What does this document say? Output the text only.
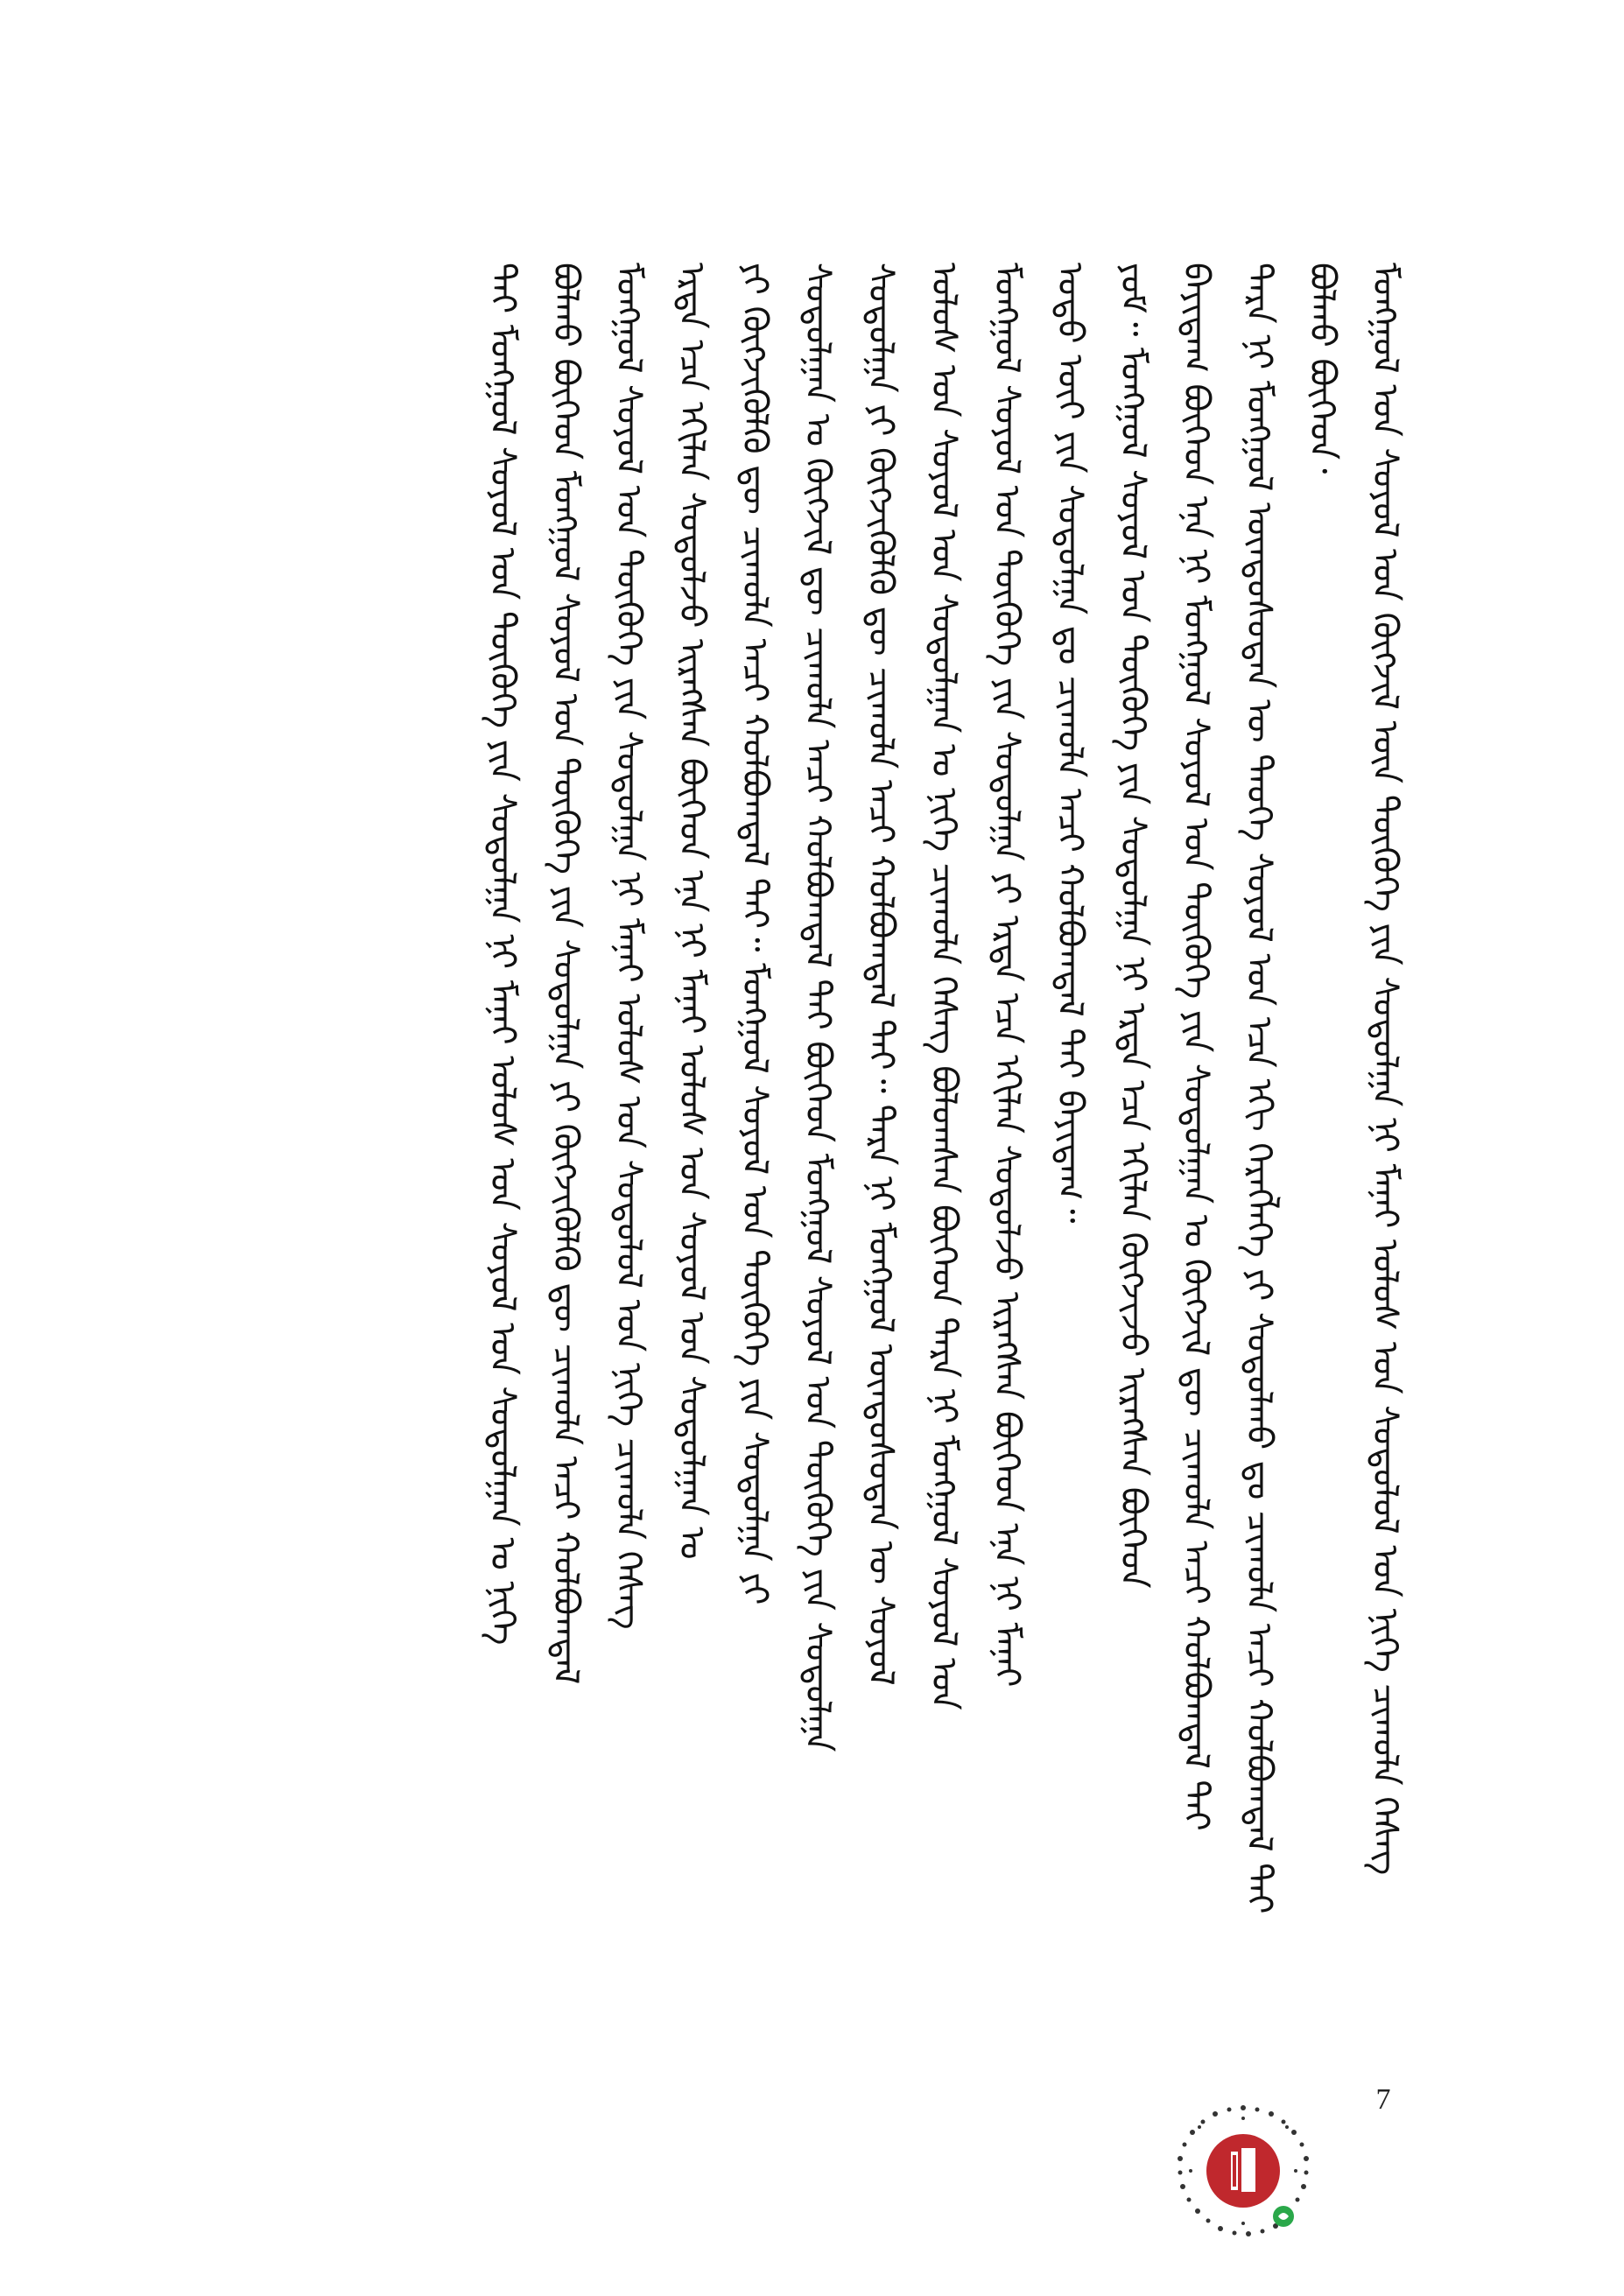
ᠮᠣᠩᠭᠣᠯ ᠤᠨ ᠰᠣᠶᠣᠯ ᠤᠨ ᠬᠥᠭᠵᠢᠯ ᠦᠨ ᠲᠦᠭᠦᠬᠡ ᠶᠢᠨ ᠰᠤᠳᠤᠯᠭᠠ ᠨᠢ ᠮᠠᠨᠠᠢ ᠤᠯᠤᠰ ᠤᠨ ᠰᠤᠳᠤᠯᠤᠯ ᠤᠨ ᠨᠢᠭᠡ ᠴᠢᠬᠤᠯᠠ ᠬᠡᠰᠡᠭ
ᠪᠣᠯᠬᠤ ᠪᠥᠭᠡᠳ᠂
ᠲᠡᠷᠡ ᠨᠢ ᠮᠣᠩᠭᠣᠯ ᠦᠨᠳᠦᠰᠦᠲᠡᠨ ᠦ ᠲᠡᠦᠬᠡ ᠰᠣᠶᠣᠯ ᠤᠨ ᠡᠴᠡ ᠡᠬᠢ ᠬᠡᠷᠡᠭᠯᠡᠭᠡ ᠶᠢ ᠰᠤᠳᠤᠯᠬᠤ ᠳᠤ ᠴᠢᠬᠤᠯᠠ ᠠᠴᠢ ᠬᠣᠯᠪᠣᠭᠳᠠᠯ ᠲᠠᠶ
ᠪᠠᠶᠢᠳᠠᠭ ᠪᠥᠭᠡᠳ ᠡᠨᠡ ᠨᠢ ᠮᠣᠩᠭᠣᠯ ᠰᠣᠶᠣᠯ ᠤᠨ ᠲᠦᠭᠦᠬᠡ ᠶᠢᠨ ᠰᠤᠳᠤᠯᠭᠠᠨ ᠤ ᠬᠥᠭᠵᠢᠯ ᠳᠦ ᠴᠢᠬᠤᠯᠠ ᠠᠴᠢ ᠬᠣᠯᠪᠣᠭᠳᠠᠯ ᠲᠠᠶ
ᠶᠤᠮ᠃ ᠮᠣᠩᠭᠣᠯ ᠰᠣᠶᠣᠯ ᠤᠨ ᠲᠦᠭᠦᠬᠡ ᠶᠢᠨ ᠰᠤᠳᠤᠯᠭᠠ ᠨᠢ ᠡᠷᠲᠡ ᠡᠴᠡ ᠡᠬᠢᠯᠡᠨ ᠬᠥᠭᠵᠢᠵᠦ ᠢᠷᠡᠭᠰᠡᠨ ᠪᠥᠭᠡᠳ
ᠣᠳᠣ ᠦᠶ ᠶᠢᠨ ᠰᠤᠳᠤᠯᠭᠠ ᠳᠤ ᠴᠢᠬᠤᠯᠠ ᠠᠴᠢ ᠬᠣᠯᠪᠣᠭᠳᠠᠯ ᠲᠠᠶ ᠪᠠᠶᠢᠳᠠᠭ᠃
ᠮᠣᠩᠭᠣᠯ ᠰᠣᠶᠣᠯ ᠤᠨ ᠲᠦᠭᠦᠬᠡ ᠶᠢᠨ ᠰᠤᠳᠤᠯᠭᠠ ᠶᠢ ᠡᠷᠲᠡ ᠡᠴᠡ ᠡᠬᠢᠯᠡᠨ ᠰᠤᠳᠤᠯᠵᠤ ᠢᠷᠡᠭᠰᠡᠨ ᠪᠥᠭᠡᠳ ᠡᠨᠡ ᠨᠢ ᠮᠠᠨᠠᠢ
ᠤᠯᠤᠰ ᠤᠨ ᠰᠣᠶᠣᠯ ᠤᠨ ᠰᠤᠳᠤᠯᠭᠠᠨ ᠤ ᠨᠢᠭᠡ ᠴᠢᠬᠤᠯᠠ ᠬᠡᠰᠡᠭ ᠪᠣᠯᠤᠭᠰᠠᠨ ᠪᠥᠭᠡᠳ ᠲᠡᠷᠡ ᠨᠢ ᠮᠣᠩᠭᠣᠯ ᠰᠣᠶᠣᠯ ᠤᠨ
ᠰᠤᠳᠤᠯᠭᠠ ᠶᠢ ᠬᠥᠭᠵᠢᠭᠦᠯᠬᠦ ᠳᠦ ᠴᠢᠬᠤᠯᠠ ᠠᠴᠢ ᠬᠣᠯᠪᠣᠭᠳᠠᠯ ᠲᠠᠶ᠃ ᠲᠡᠷᠡ ᠨᠢ ᠮᠣᠩᠭᠣᠯ ᠦᠨᠳᠦᠰᠦᠲᠡᠨ ᠦ ᠰᠣᠶᠣᠯ
ᠰᠤᠳᠤᠯᠭᠠᠨ ᠤ ᠬᠥᠭᠵᠢᠯ ᠳᠦ ᠴᠢᠬᠤᠯᠠ ᠠᠴᠢ ᠬᠣᠯᠪᠣᠭᠳᠠᠯ ᠲᠠᠶ ᠪᠥᠭᠡᠳ ᠮᠣᠩᠭᠣᠯ ᠰᠣᠶᠣᠯ ᠤᠨ ᠲᠦᠭᠦᠬᠡ ᠶᠢᠨ ᠰᠤᠳᠤᠯᠭᠠ
ᠶᠢ ᠬᠥᠭᠵᠢᠭᠦᠯᠬᠦ ᠳᠦ ᠴᠢᠬᠤᠯᠠ ᠠᠴᠢ ᠬᠣᠯᠪᠣᠭᠳᠠᠯ ᠲᠠᠶ᠃ ᠮᠣᠩᠭᠣᠯ ᠰᠣᠶᠣᠯ ᠤᠨ ᠲᠦᠭᠦᠬᠡ ᠶᠢᠨ ᠰᠤᠳᠤᠯᠭᠠ ᠶᠢ
ᠡᠷᠲᠡ ᠡᠴᠡ ᠡᠬᠢᠯᠡᠨ ᠰᠤᠳᠤᠯᠵᠤ ᠢᠷᠡᠭᠰᠡᠨ ᠪᠥᠭᠡᠳ ᠡᠨᠡ ᠨᠢ ᠮᠠᠨᠠᠢ ᠤᠯᠤᠰ ᠤᠨ ᠰᠣᠶᠣᠯ ᠤᠨ ᠰᠤᠳᠤᠯᠭᠠᠨ ᠤ
ᠮᠣᠩᠭᠣᠯ ᠰᠣᠶᠣᠯ ᠤᠨ ᠲᠦᠭᠦᠬᠡ ᠶᠢᠨ ᠰᠤᠳᠤᠯᠭᠠ ᠨᠢ ᠮᠠᠨᠠᠢ ᠤᠯᠤᠰ ᠤᠨ ᠰᠤᠳᠤᠯᠤᠯ ᠤᠨ ᠨᠢᠭᠡ ᠴᠢᠬᠤᠯᠠ ᠬᠡᠰᠡᠭ
ᠪᠣᠯᠬᠤ ᠪᠥᠭᠡᠳ ᠮᠣᠩᠭᠣᠯ ᠰᠣᠶᠣᠯ ᠤᠨ ᠲᠦᠭᠦᠬᠡ ᠶᠢᠨ ᠰᠤᠳᠤᠯᠭᠠ ᠶᠢ ᠬᠥᠭᠵᠢᠭᠦᠯᠬᠦ ᠳᠦ ᠴᠢᠬᠤᠯᠠ ᠠᠴᠢ ᠬᠣᠯᠪᠣᠭᠳᠠᠯ
ᠲᠠᠶ ᠮᠣᠩᠭᠣᠯ ᠰᠣᠶᠣᠯ ᠤᠨ ᠲᠦᠭᠦᠬᠡ ᠶᠢᠨ ᠰᠤᠳᠤᠯᠭᠠ ᠨᠢ ᠮᠠᠨᠠᠢ ᠤᠯᠤᠰ ᠤᠨ ᠰᠣᠶᠣᠯ ᠤᠨ ᠰᠤᠳᠤᠯᠭᠠᠨ ᠤ ᠨᠢᠭᠡ
7
